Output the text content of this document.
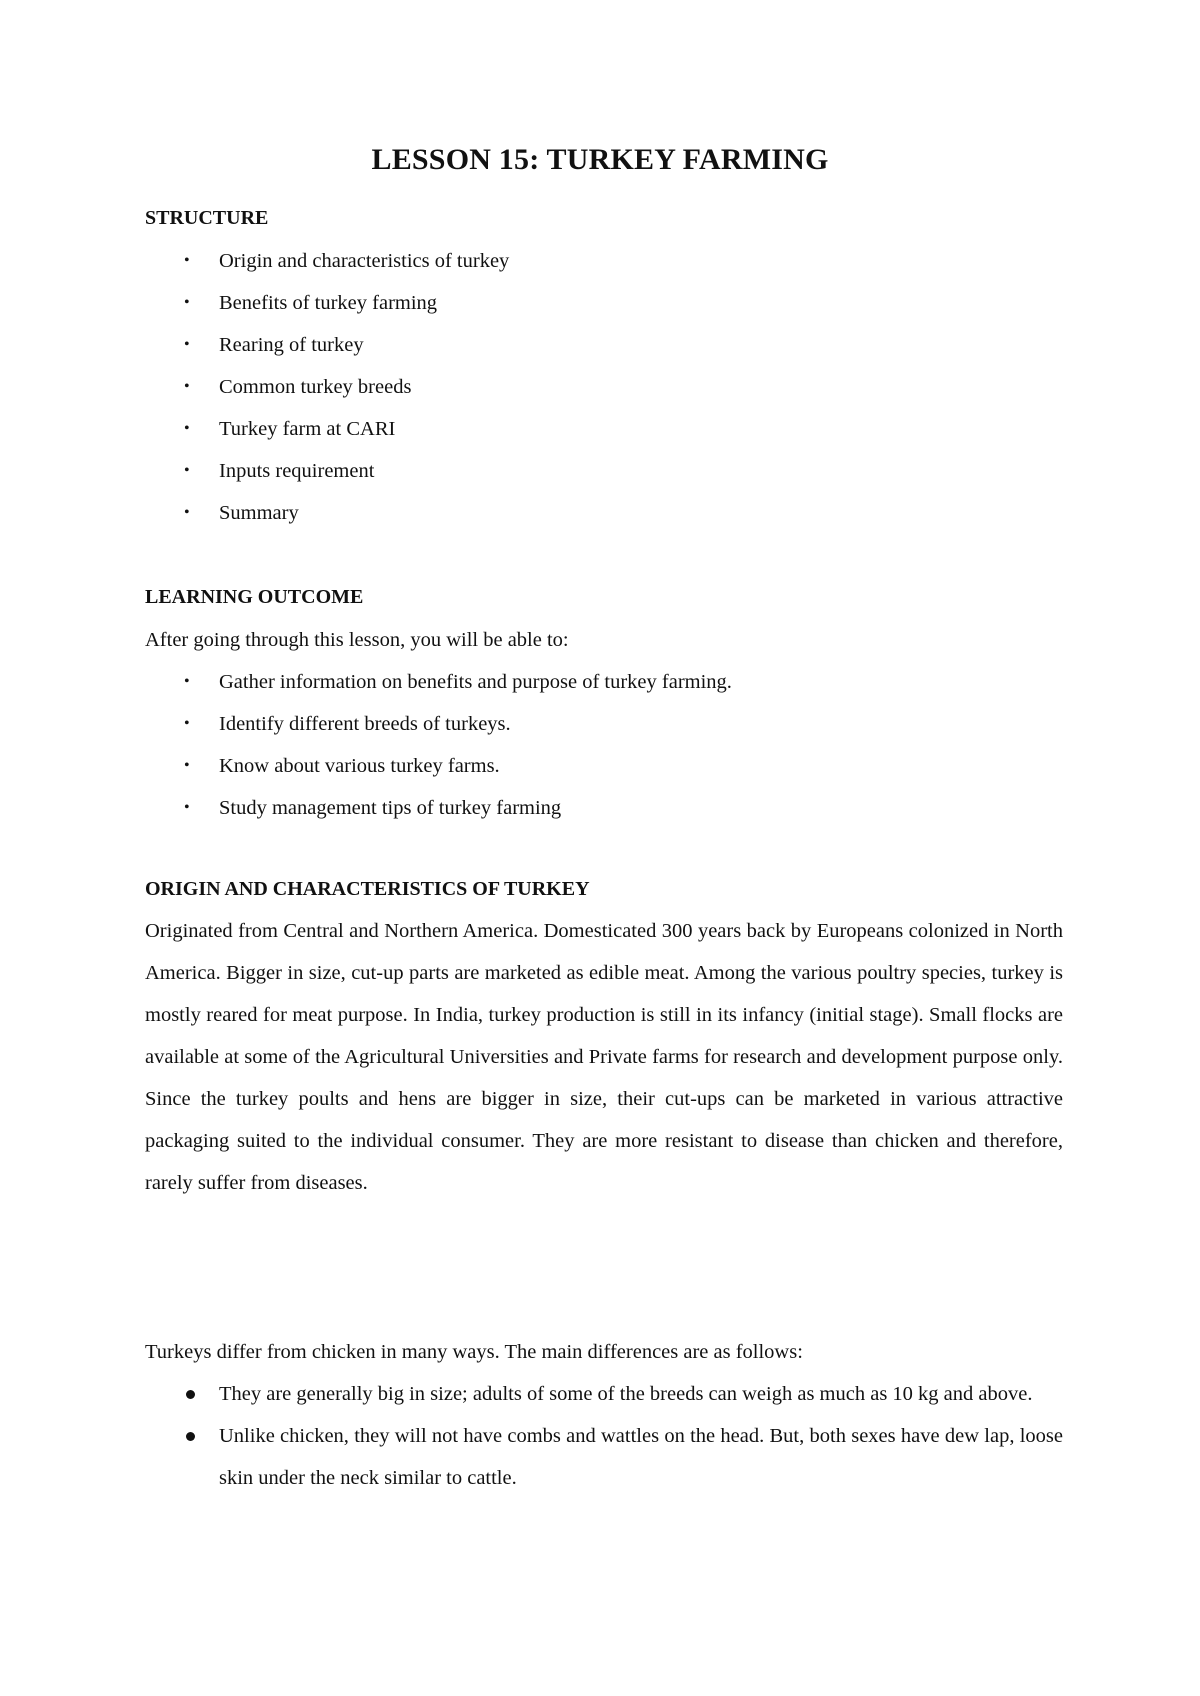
LESSON 15: TURKEY FARMING
STRUCTURE
• Origin and characteristics of turkey
• Benefits of turkey farming
• Rearing of turkey
• Common turkey breeds
• Turkey farm at CARI
• Inputs requirement
• Summary
LEARNING OUTCOME
After going through this lesson, you will be able to:
• Gather information on benefits and purpose of turkey farming.
• Identify different breeds of turkeys.
• Know about various turkey farms.
• Study management tips of turkey farming
ORIGIN AND CHARACTERISTICS OF TURKEY

Originated from Central and Northern America. Domesticated 300 years back by Europeans colonized in North America. Bigger in size, cut-up parts are marketed as edible meat. Among the various poultry species, turkey is mostly reared for meat purpose. In India, turkey production is still in its infancy (initial stage). Small flocks are available at some of the Agricultural Universities and Private farms for research and development purpose only. Since the turkey poults and hens are bigger in size, their cut-ups can be marketed in various attractive packaging suited to the individual consumer. They are more resistant to disease than chicken and therefore, rarely suffer from diseases.

Turkeys differ from chicken in many ways. The main differences are as follows:
They are generally big in size; adults of some of the breeds can weigh as much as 10 kg and above.
Unlike chicken, they will not have combs and wattles on the head. But, both sexes have dew lap, loose skin under the neck similar to cattle.
